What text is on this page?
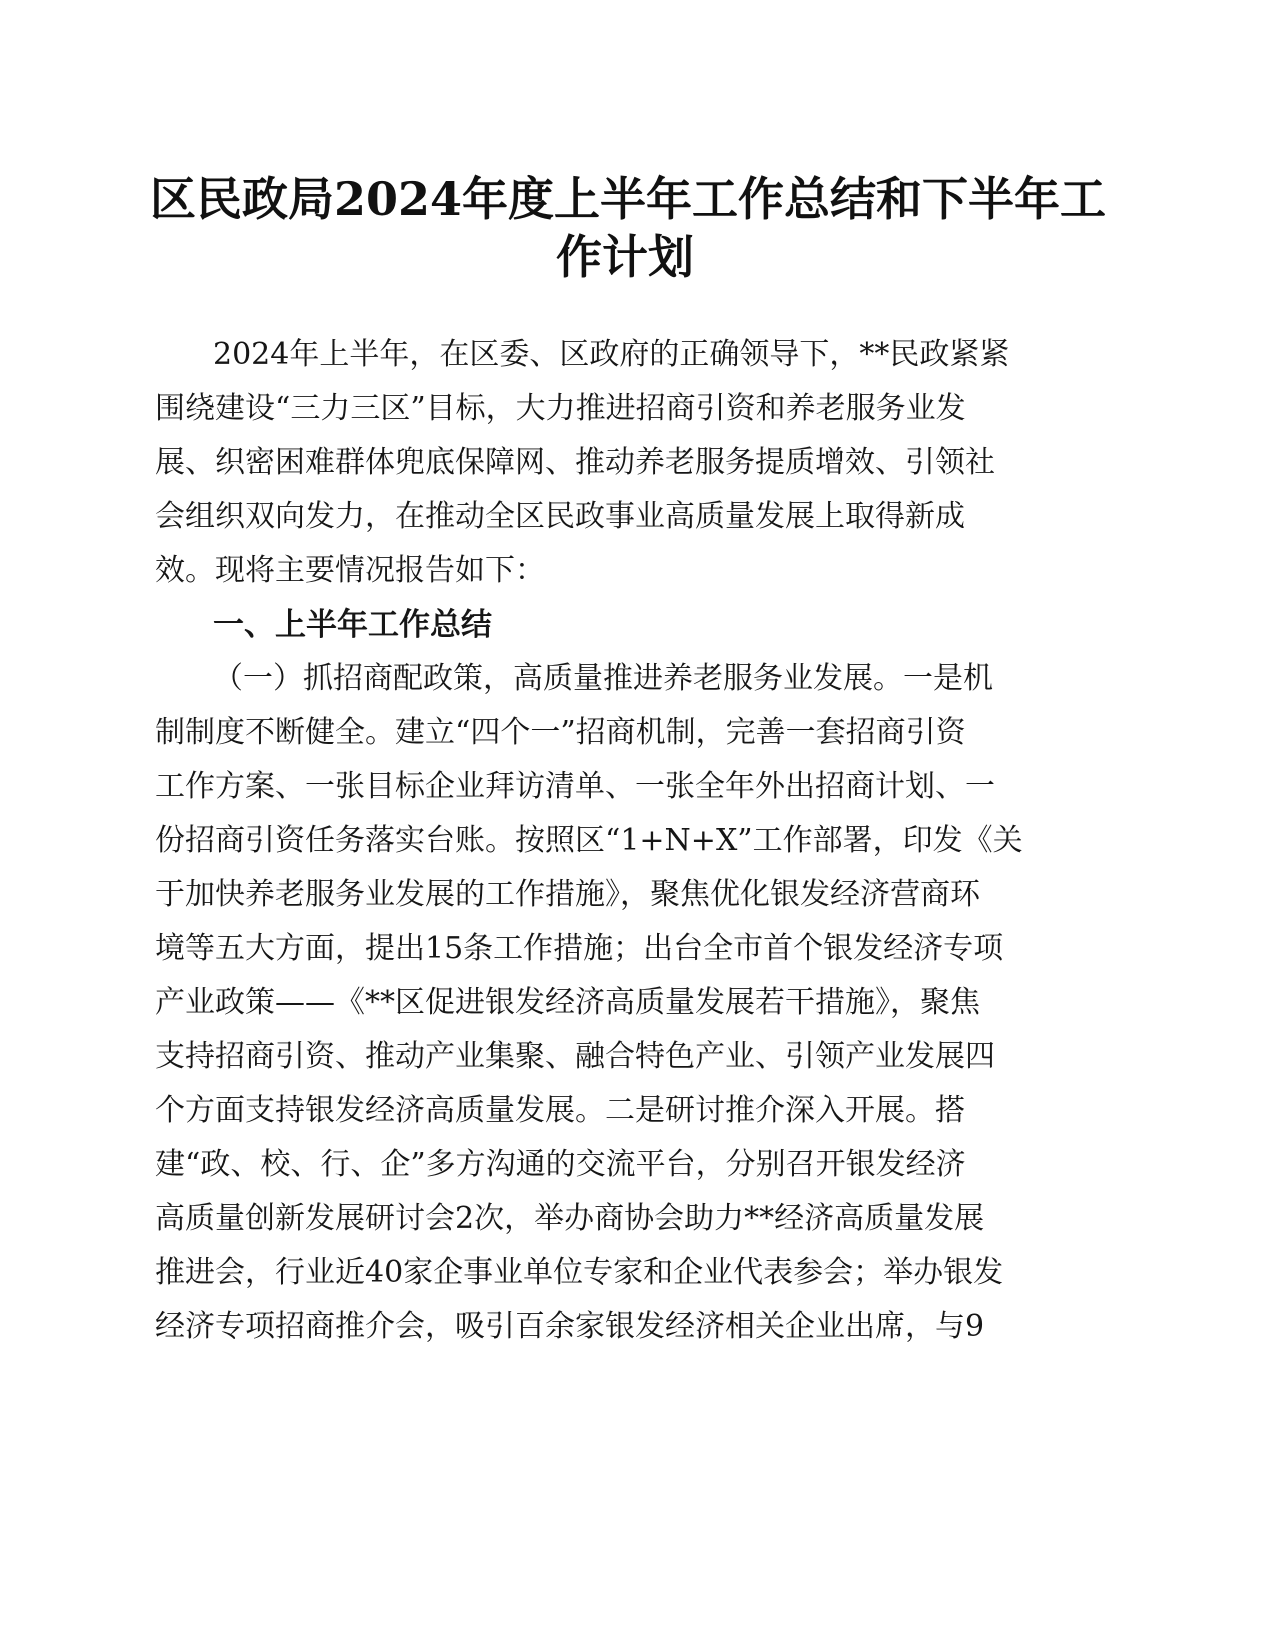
区民政局2024年度上半年工作总结和下半年工
作计划
2024年上半年，在区委、区政府的正确领导下，**民政紧紧
围绕建设“三力三区”目标，大力推进招商引资和养老服务业发
展、织密困难群体兜底保障网、推动养老服务提质增效、引领社
会组织双向发力，在推动全区民政事业高质量发展上取得新成
效。现将主要情况报告如下：
一、上半年工作总结
（一）抓招商配政策，高质量推进养老服务业发展。一是机
制制度不断健全。建立“四个一”招商机制，完善一套招商引资
工作方案、一张目标企业拜访清单、一张全年外出招商计划、一
份招商引资任务落实台账。按照区“1+N+X”工作部署，印发《关
于加快养老服务业发展的工作措施》，聚焦优化银发经济营商环
境等五大方面，提出15条工作措施；出台全市首个银发经济专项
产业政策——《**区促进银发经济高质量发展若干措施》，聚焦
支持招商引资、推动产业集聚、融合特色产业、引领产业发展四
个方面支持银发经济高质量发展。二是研讨推介深入开展。搭
建“政、校、行、企”多方沟通的交流平台，分别召开银发经济
高质量创新发展研讨会2次，举办商协会助力**经济高质量发展
推进会，行业近40家企事业单位专家和企业代表参会；举办银发
经济专项招商推介会，吸引百余家银发经济相关企业出席，与9
